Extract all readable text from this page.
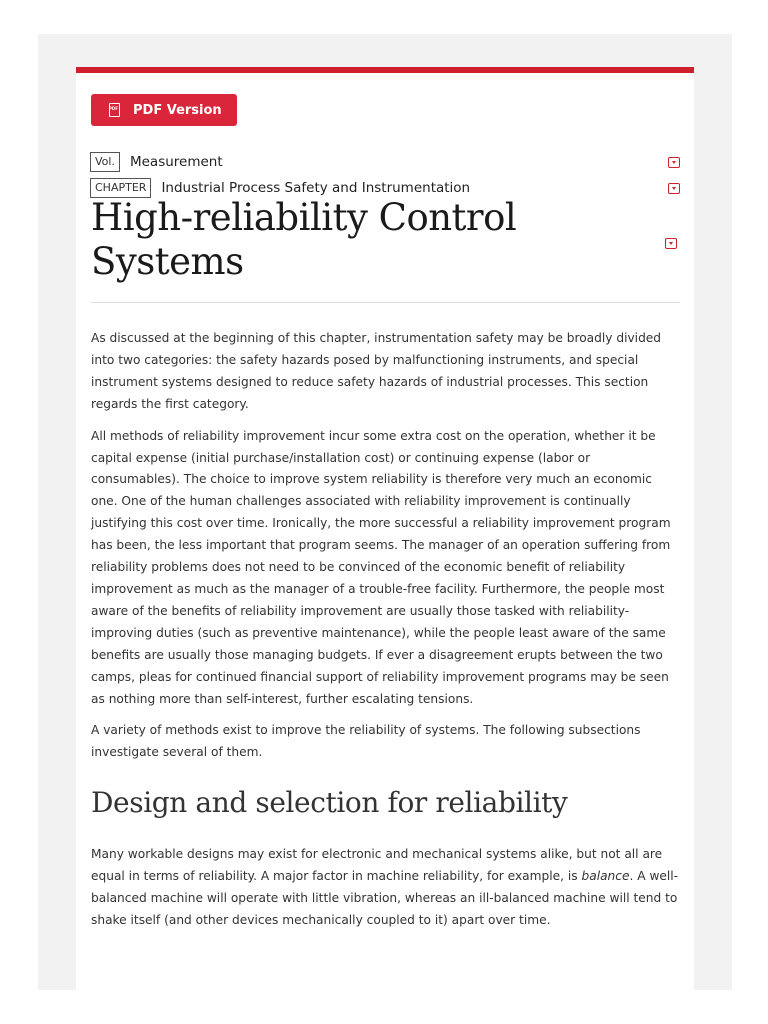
PDF
PDF Version
Vol.	Measurement
CHAPTER	Industrial Process Safety and Instrumentation
High-reliability Control Systems

As discussed at the beginning of this chapter, instrumentation safety may be broadly divided into two categories: the safety hazards posed by malfunctioning instruments, and special instrument systems designed to reduce safety hazards of industrial processes. This section regards the first category.

All methods of reliability improvement incur some extra cost on the operation, whether it be capital expense (initial purchase/installation cost) or continuing expense (labor or consumables). The choice to improve system reliability is therefore very much an economic one. One of the human challenges associated with reliability improvement is continually justifying this cost over time. Ironically, the more successful a reliability improvement program has been, the less important that program seems. The manager of an operation suffering from reliability problems does not need to be convinced of the economic benefit of reliability improvement as much as the manager of a trouble-free facility. Furthermore, the people most aware of the benefits of reliability improvement are usually those tasked with reliability-improving duties (such as preventive maintenance), while the people least aware of the same benefits are usually those managing budgets. If ever a disagreement erupts between the two camps, pleas for continued financial support of reliability improvement programs may be seen as nothing more than self-interest, further escalating tensions.

A variety of methods exist to improve the reliability of systems. The following subsections investigate several of them.

Design and selection for reliability

Many workable designs may exist for electronic and mechanical systems alike, but not all are equal in terms of reliability. A major factor in machine reliability, for example, is balance. A well-balanced machine will operate with little vibration, whereas an ill-balanced machine will tend to shake itself (and other devices mechanically coupled to it) apart over time.
